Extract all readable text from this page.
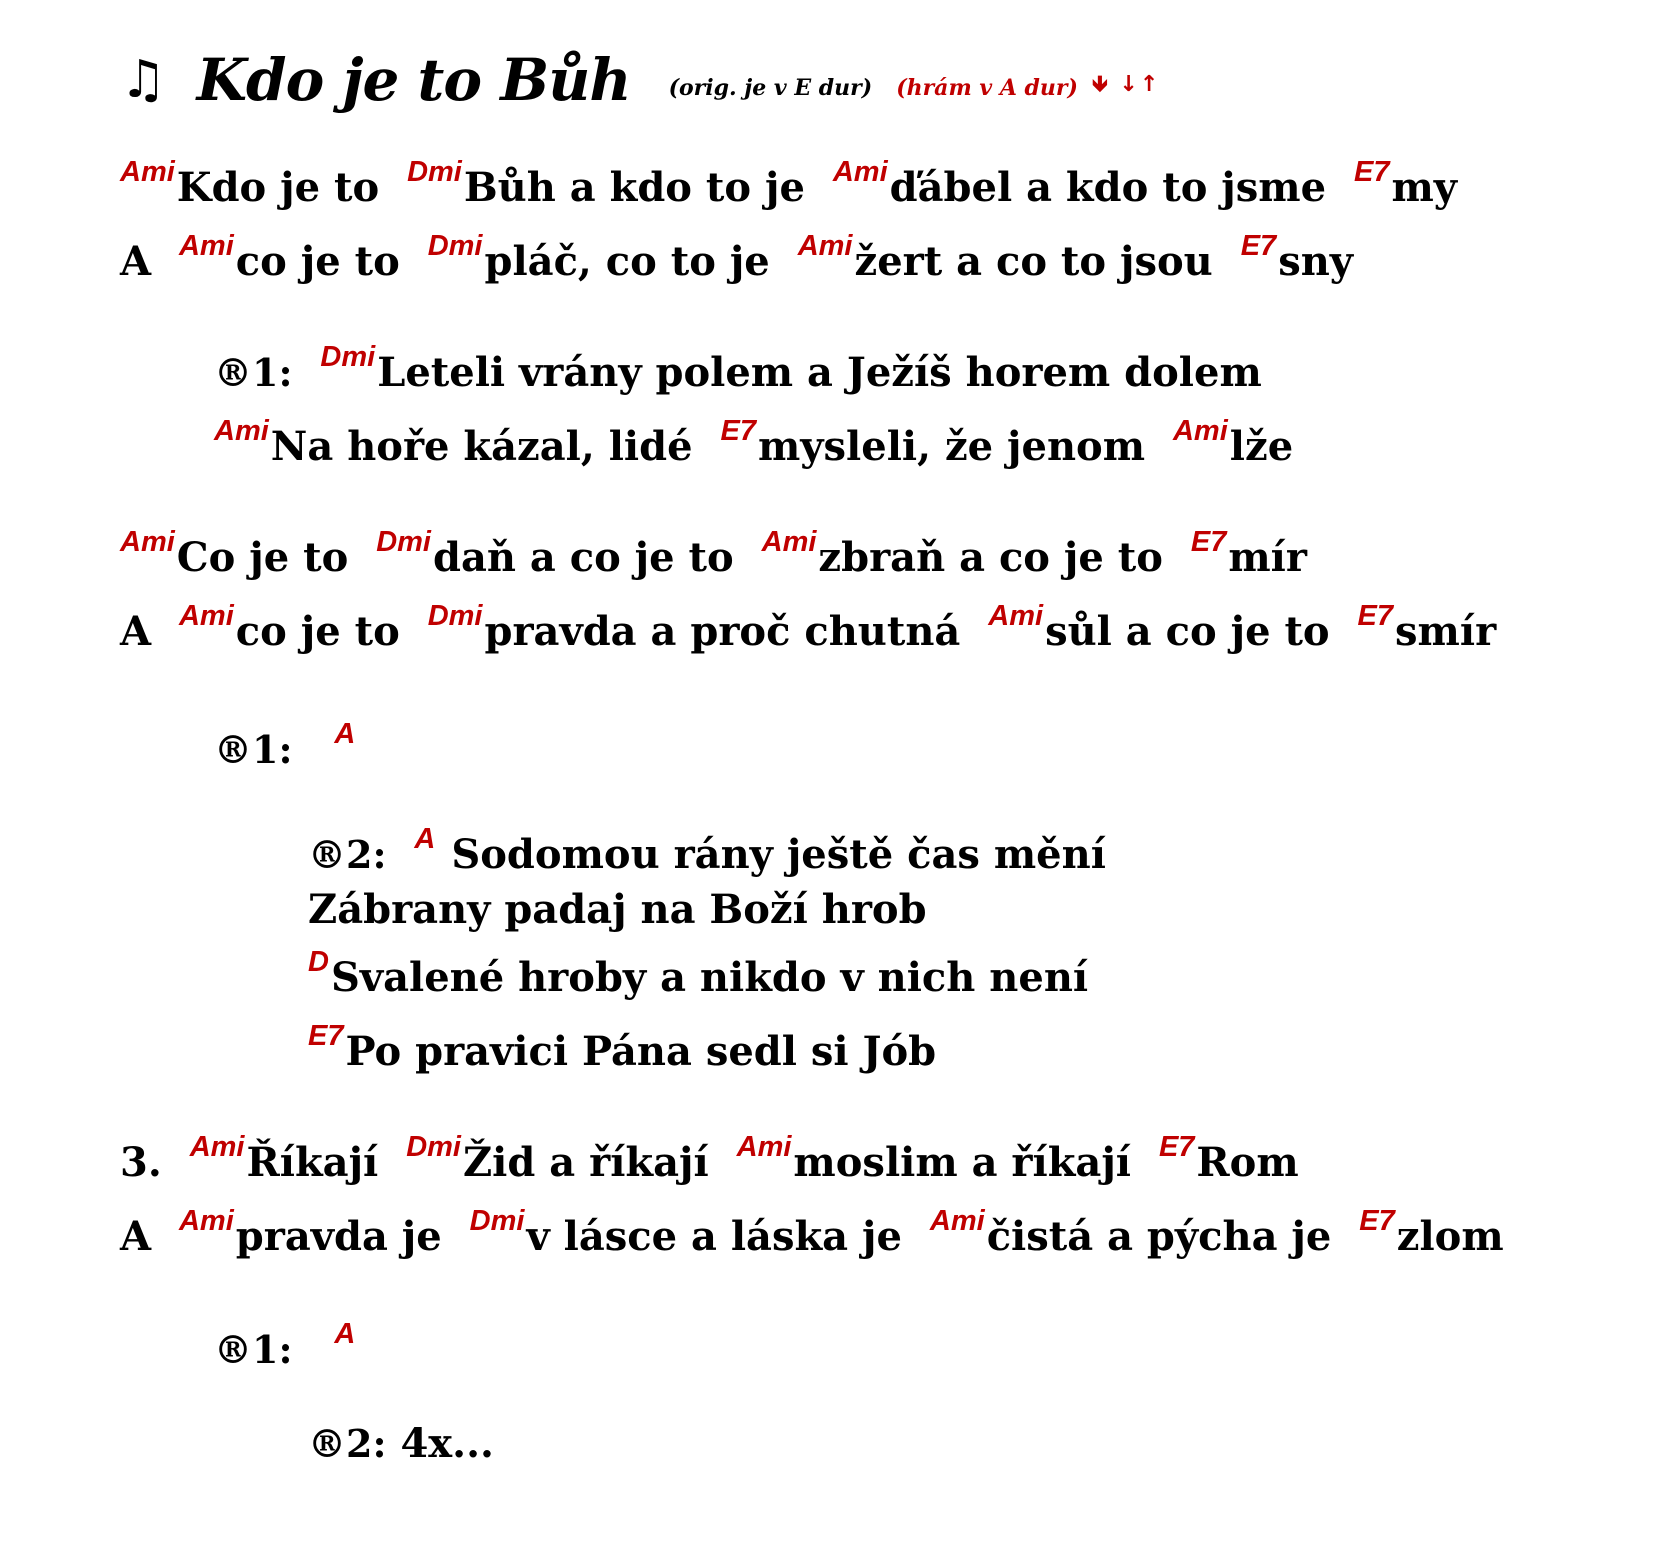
♫ Kdo je to Bůh (orig. je v E dur) (hrám v A dur) 🡻 ↓↑
$^{Ami}$Kdo je to $^{Dmi}$Bůh a kdo to je $^{Ami}$ďábel a kdo to jsme $^{E7}$my
A $^{Ami}$co je to $^{Dmi}$pláč, co to je $^{Ami}$žert a co to jsou $^{E7}$sny
®1: $^{Dmi}$Leteli vrány polem a Ježíš horem dolem
$^{Ami}$Na hoře kázal, lidé $^{E7}$mysleli, že jenom $^{Ami}$lže
$^{Ami}$Co je to $^{Dmi}$daň a co je to $^{Ami}$zbraň a co je to $^{E7}$mír
A $^{Ami}$co je to $^{Dmi}$pravda a proč chutná $^{Ami}$sůl a co je to $^{E7}$smír
®1: $^A$
®2: $^A$ Sodomou rány ještě čas mění
Zábrany padaj na Boží hrob
$^D$Svalené hroby a nikdo v nich není
$^{E7}$Po pravici Pána sedl si Jób
3. $^{Ami}$Říkají $^{Dmi}$Žid a říkají $^{Ami}$moslim a říkají $^{E7}$Rom
A $^{Ami}$pravda je $^{Dmi}$v lásce a láska je $^{Ami}$čistá a pýcha je $^{E7}$zlom
®1: $^A$
®2: 4x...
